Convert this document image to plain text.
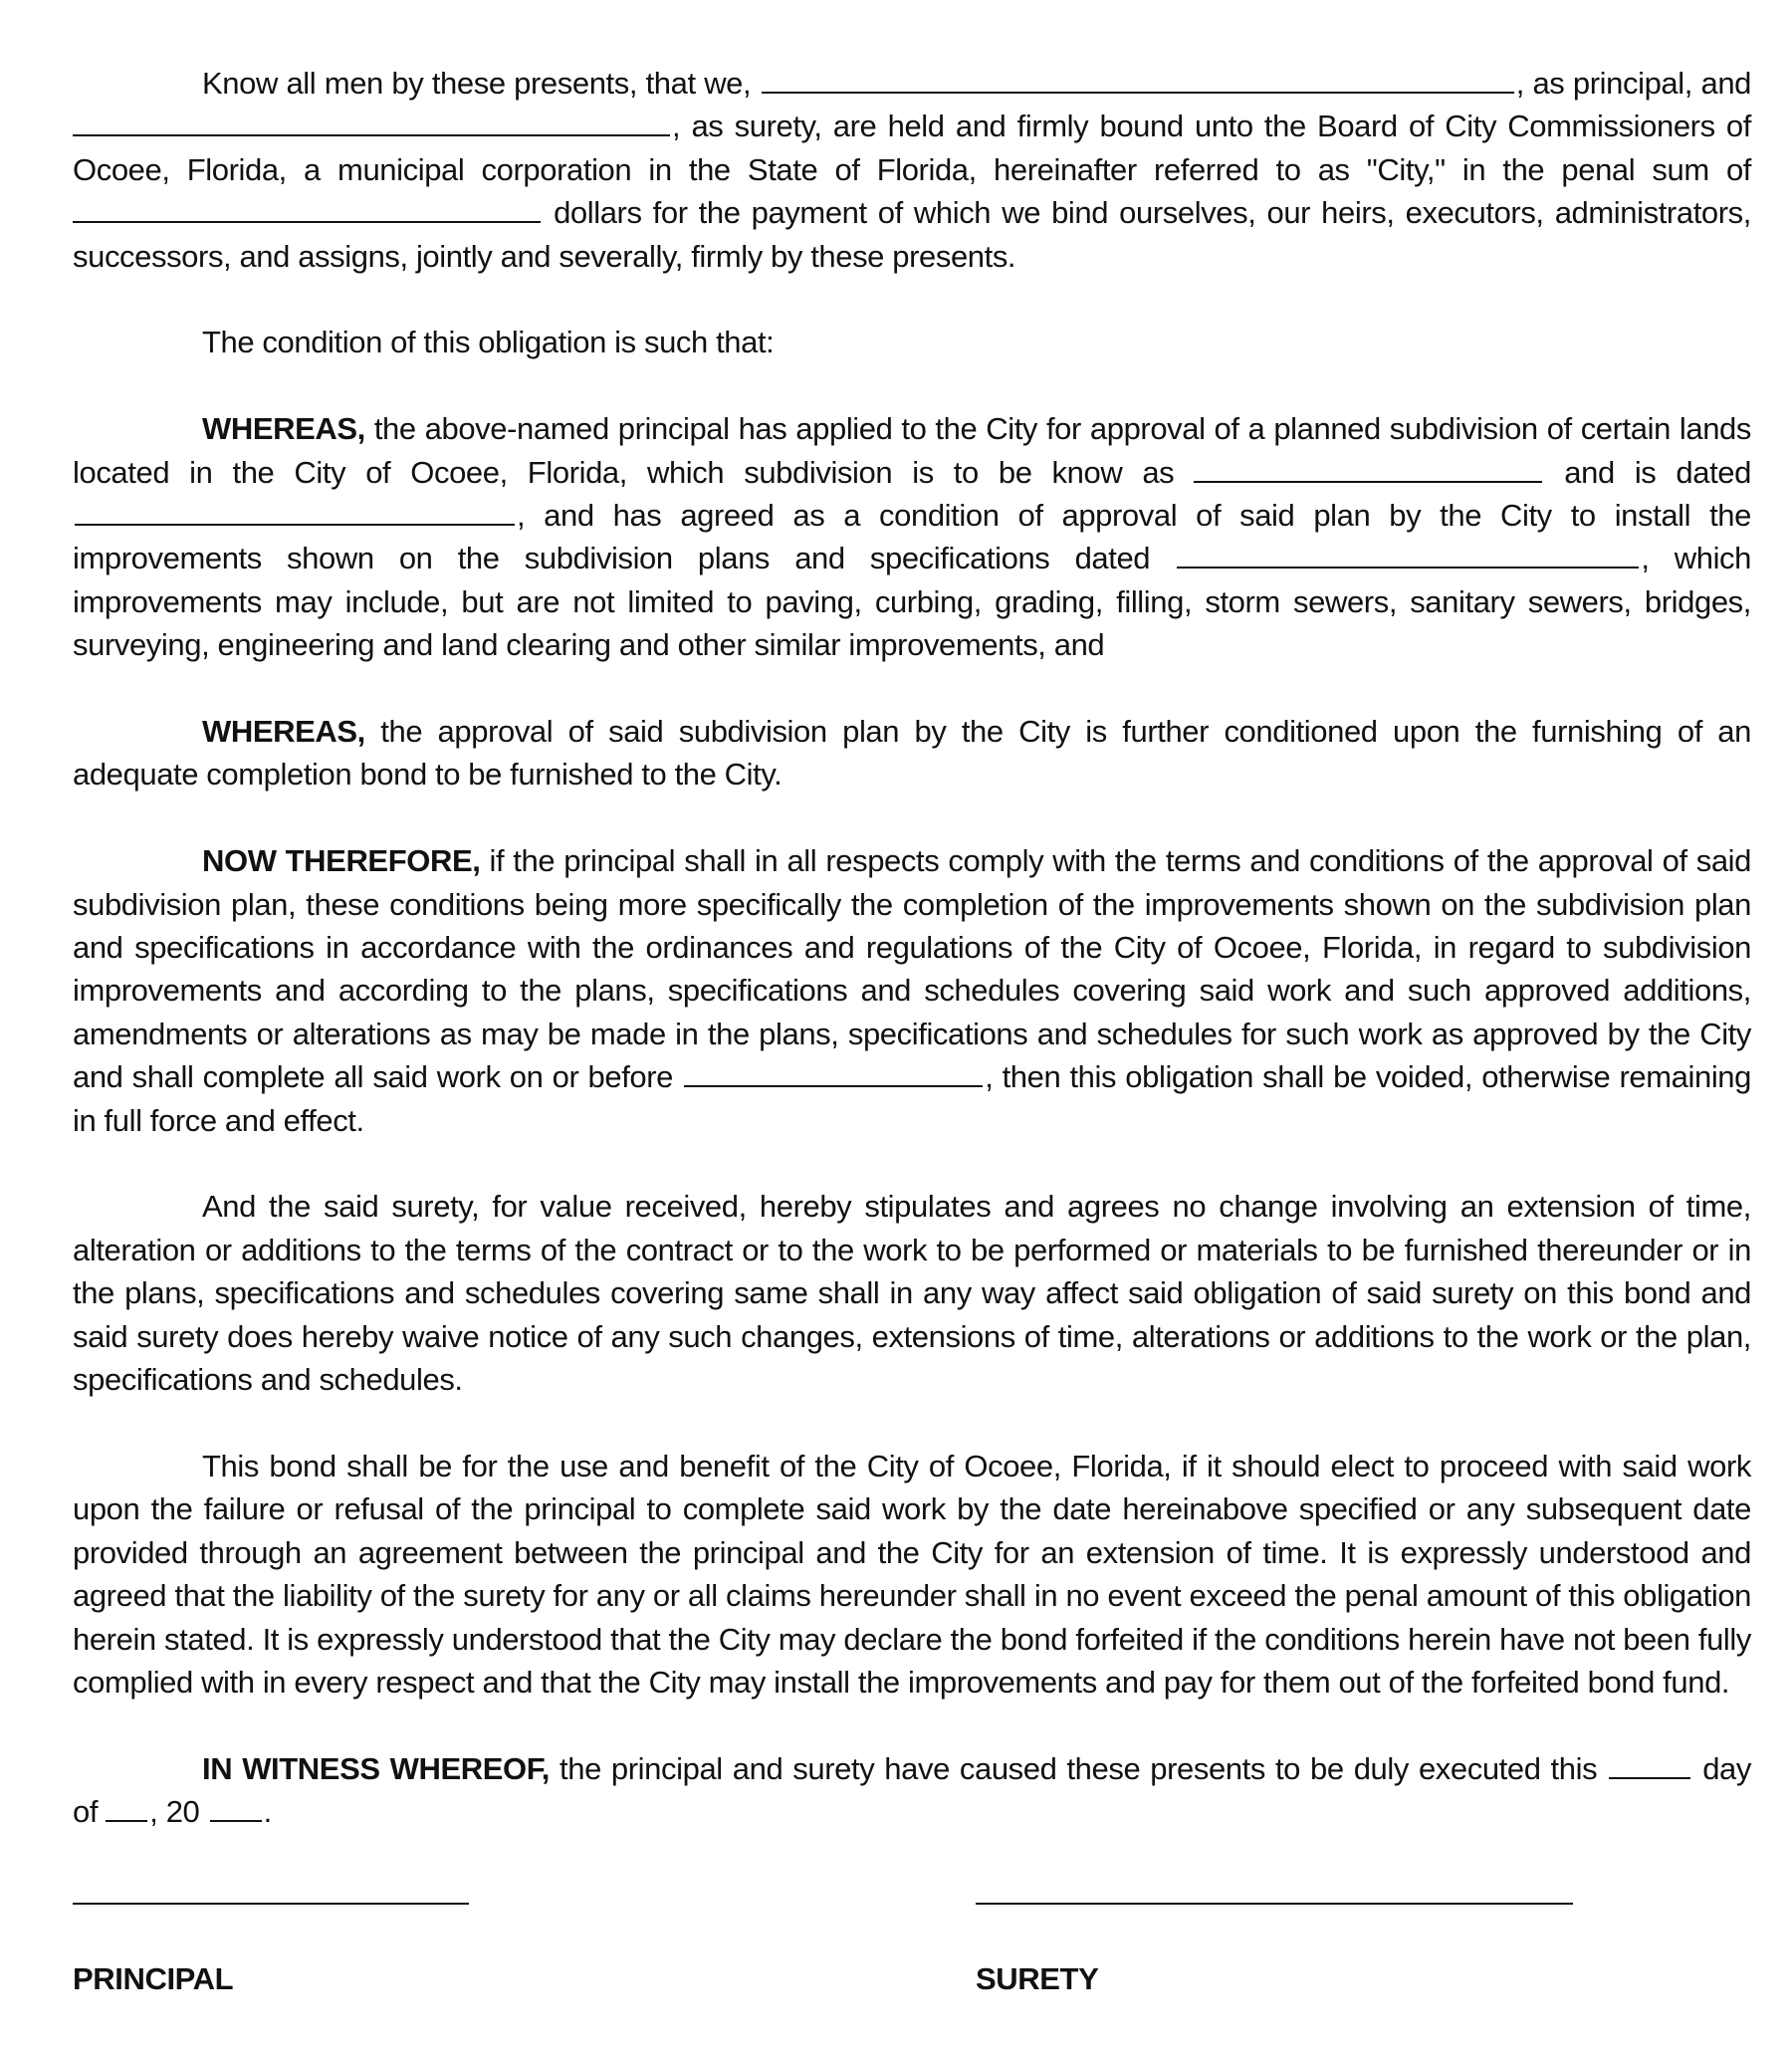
Know all men by these presents, that we,	, as principal, and , as surety, are held and firmly bound unto the Board of City Commissioners of Ocoee, Florida, a municipal corporation in the State of Florida, hereinafter referred to as "City," in the penal sum of  dollars for the payment of which we bind ourselves, our heirs, executors, administrators, successors, and assigns, jointly and severally, firmly by these presents.

The condition of this obligation is such that:

WHEREAS, the above-named principal has applied to the City for approval of a planned subdivision of certain lands located in the City of Ocoee, Florida, which subdivision is to be know as	and is dated , and has agreed as a condition of approval of said plan by the City to install the improvements shown on the subdivision plans and specifications dated	, which improvements may include, but are not limited to paving, curbing, grading, filling, storm sewers, sanitary sewers, bridges, surveying, engineering and land clearing and other similar improvements, and

WHEREAS, the approval of said subdivision plan by the City is further conditioned upon the furnishing of an adequate completion bond to be furnished to the City.

NOW THEREFORE, if the principal shall in all respects comply with the terms and conditions of the approval of said subdivision plan, these conditions being more specifically the completion of the improvements shown on the subdivision plan and specifications in accordance with the ordinances and regulations of the City of Ocoee, Florida, in regard to subdivision improvements and according to the plans, specifications and schedules covering said work and such approved additions, amendments or alterations as may be made in the plans, specifications and schedules for such work as approved by the City and shall complete all said work on or before	, then this obligation shall be voided, otherwise remaining in full force and effect.

And the said surety, for value received, hereby stipulates and agrees no change involving an extension of time, alteration or additions to the terms of the contract or to the work to be performed or materials to be furnished thereunder or in the plans, specifications and schedules covering same shall in any way affect said obligation of said surety on this bond and said surety does hereby waive notice of any such changes, extensions of time, alterations or additions to the work or the plan, specifications and schedules.

This bond shall be for the use and benefit of the City of Ocoee, Florida, if it should elect to proceed with said work upon the failure or refusal of the principal to complete said work by the date hereinabove specified or any subsequent date provided through an agreement between the principal and the City for an extension of time. It is expressly understood and agreed that the liability of the surety for any or all claims hereunder shall in no event exceed the penal amount of this obligation herein stated. It is expressly understood that the City may declare the bond forfeited if the conditions herein have not been fully complied with in every respect and that the City may install the improvements and pay for them out of the forfeited bond fund.

IN WITNESS WHEREOF, the principal and surety have caused these presents to be duly executed this	day of , 20 .

PRINCIPAL	SURETY
